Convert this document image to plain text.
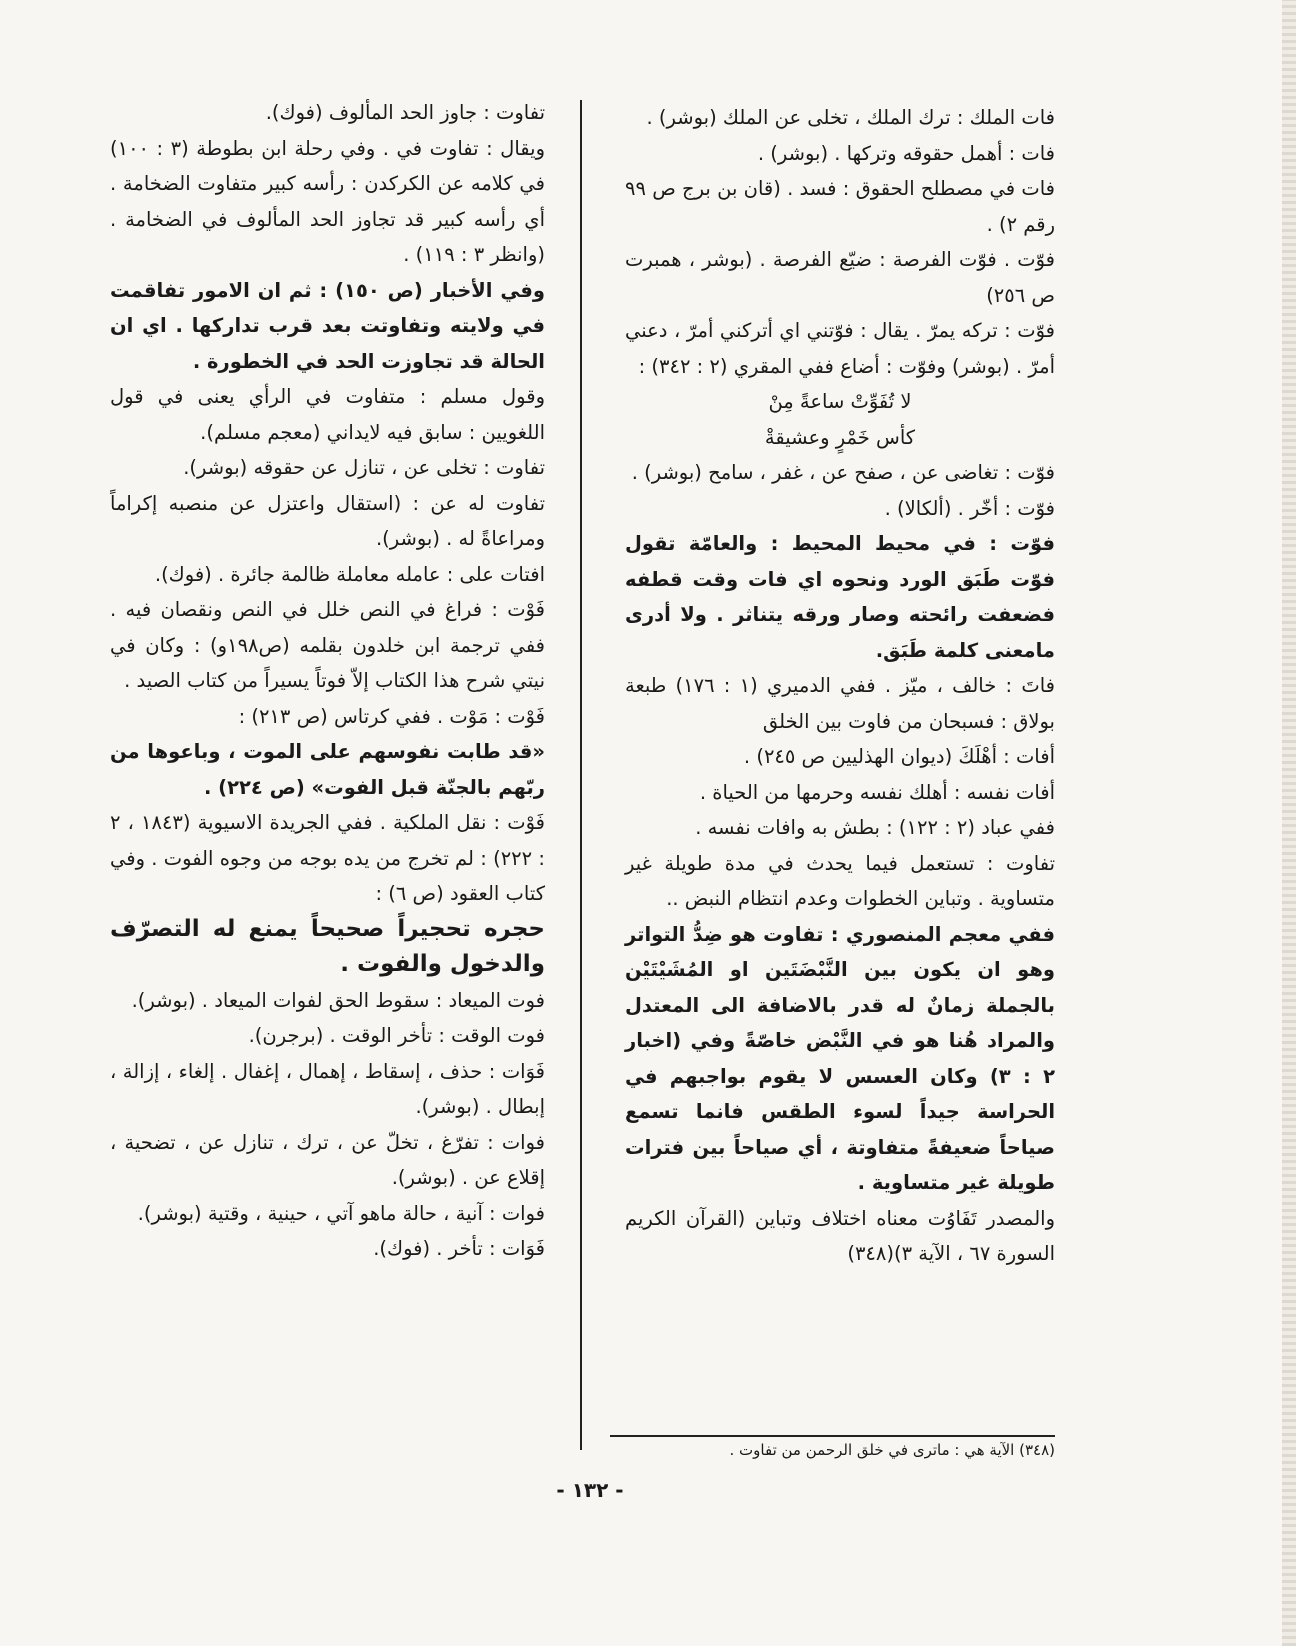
فات الملك : ترك الملك ، تخلى عن الملك (بوشر) .

فات : أهمل حقوقه وتركها . (بوشر) .

فات في مصطلح الحقوق : فسد . (قان بن برج ص ٩٩ رقم ٢) .

فوّت . فوّت الفرصة : ضيّع الفرصة . (بوشر ، همبرت ص ٢٥٦)

فوّت : تركه يمرّ . يقال : فوّتني اي أتركني أمرّ ، دعني أمرّ . (بوشر) وفوّت : أضاع ففي المقري (٢ : ٣٤٢) :

لا تُفَوِّتْ ساعةً مِنْ

كأس خَمْرٍ وعشيقةْ

فوّت : تغاضى عن ، صفح عن ، غفر ، سامح (بوشر) .

فوّت : أخّر . (ألكالا) .

فوّت : في محيط المحيط : والعامّة تقول فوّت طَبَق الورد ونحوه اي فات وقت قطفه فضعفت رائحته وصار ورقه يتناثر . ولا أدرى مامعنى كلمة طَبَق.

فاتَ : خالف ، ميّز . ففي الدميري (١ : ١٧٦) طبعة بولاق : فسبحان من فاوت بين الخلق

أفات : أهْلَكَ (ديوان الهذليين ص ٢٤٥) .

أفات نفسه : أهلك نفسه وحرمها من الحياة .

ففي عباد (٢ : ١٢٢) : بطش به وافات نفسه .

تفاوت : تستعمل فيما يحدث في مدة طويلة غير متساوية . وتباين الخطوات وعدم انتظام النبض ..

ففي معجم المنصوري : تفاوت هو ضِدُّ التواتر وهو ان يكون بين النَّبْضَتَين او المُشَيْتَيْن بالجملة زمانٌ له قدر بالاضافة الى المعتدل والمراد هُنا هو في النَّبْض خاصّةً وفي (اخبار ٢ : ٣) وكان العسس لا يقوم بواجبهم في الحراسة جيداً لسوء الطقس فانما تسمع صياحاً ضعيفةً متفاوتة ، أي صياحاً بين فترات طويلة غير متساوية .

والمصدر تَفَاوُت معناه اختلاف وتباين (القرآن الكريم السورة ٦٧ ، الآية ٣)(٣٤٨)

تفاوت : جاوز الحد المألوف (فوك).

ويقال : تفاوت في . وفي رحلة ابن بطوطة (٣ : ١٠٠) في كلامه عن الكركدن : رأسه كبير متفاوت الضخامة . أي رأسه كبير قد تجاوز الحد المألوف في الضخامة . (وانظر ٣ : ١١٩) .

وفي الأخبار (ص ١٥٠) : ثم ان الامور تفاقمت في ولايته وتفاوتت بعد قرب تداركها . اي ان الحالة قد تجاوزت الحد في الخطورة .

وقول مسلم : متفاوت في الرأي يعنى في قول اللغويين : سابق فيه لايداني (معجم مسلم).

تفاوت : تخلى عن ، تنازل عن حقوقه (بوشر).

تفاوت له عن : (استقال واعتزل عن منصبه إكراماً ومراعاةً له . (بوشر).

افتات على : عامله معاملة ظالمة جائرة . (فوك).

فَوْت : فراغ في النص خلل في النص ونقصان فيه . ففي ترجمة ابن خلدون بقلمه (ص١٩٨و) : وكان في نيتي شرح هذا الكتاب إلاّ فوتاً يسيراً من كتاب الصيد .

فَوْت : مَوْت . ففي كرتاس (ص ٢١٣) :

«قد طابت نفوسهم على الموت ، وباعوها من ربّهم بالجنّة قبل الفوت» (ص ٢٢٤) .

فَوْت : نقل الملكية . ففي الجريدة الاسيوية (١٨٤٣ ، ٢ : ٢٢٢) : لم تخرج من يده بوجه من وجوه الفوت . وفي كتاب العقود (ص ٦) :

حجره تحجيراً صحيحاً يمنع له التصرّف والدخول والفوت .

فوت الميعاد : سقوط الحق لفوات الميعاد . (بوشر).

فوت الوقت : تأخر الوقت . (برجرن).

فَوَات : حذف ، إسقاط ، إهمال ، إغفال . إلغاء ، إزالة ، إبطال . (بوشر).

فوات : تفرّغ ، تخلّ عن ، ترك ، تنازل عن ، تضحية ، إقلاع عن . (بوشر).

فوات : آنية ، حالة ماهو آتي ، حينية ، وقتية (بوشر).

فَوَات : تأخر . (فوك).

(٣٤٨) الآية هي : ماترى في خلق الرحمن من تفاوت .
- ١٣٢ -
